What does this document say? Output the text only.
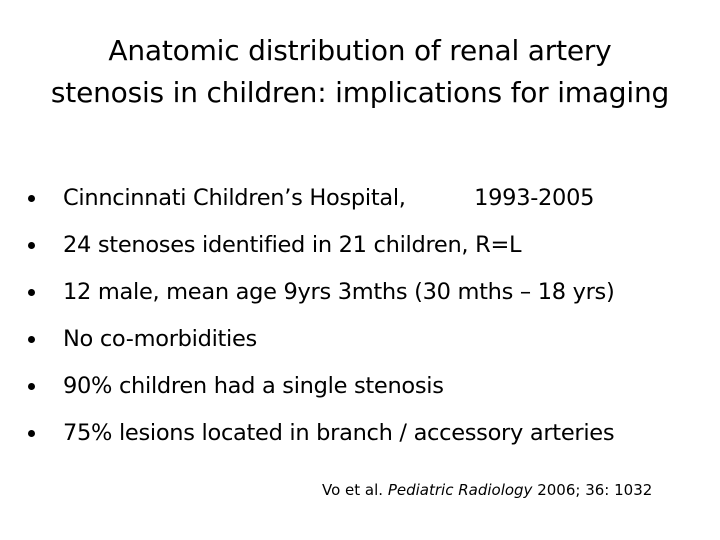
Anatomic distribution of renal artery
stenosis in children: implications for imaging
Cinncinnati Children’s Hospital,          1993-2005
24 stenoses identified in 21 children, R=L
12 male, mean age 9yrs 3mths (30 mths – 18 yrs)
No co-morbidities
90% children had a single stenosis
75% lesions located in branch / accessory arteries
Vo et al. Pediatric Radiology 2006; 36: 1032
